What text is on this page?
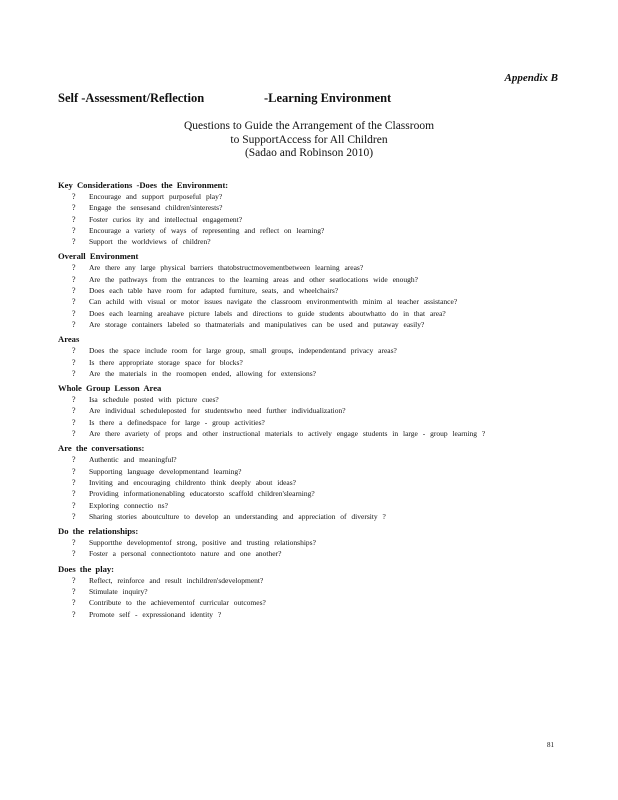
Appendix B
Self -Assessment/Reflection	-Learning Environment
Questions to Guide the Arrangement of the Classroom
to SupportAccess for All Children
(Sadao and Robinson 2010)
Key Considerations -Does the Environment:
? Encourage and support purposeful play?
? Engage the sensesand children'sinterests?
? Foster curios ity and intellectual engagement?
? Encourage a variety of ways of representing and reflect on learning?
? Support the worldviews of children?
Overall Environment
? Are there any large physical barriers thatobstructmovementbetween learning areas?
? Are the pathways from the entrances to the learning areas and other seatlocations wide enough?
? Does each table have room for adapted furniture, seats, and wheelchairs?
? Can achild with visual or motor issues navigate the classroom environmentwith minim al teacher assistance?
? Does each learning areahave picture labels and directions to guide students aboutwhatto do in that area?
? Are storage containers labeled so thatmaterials and manipulatives can be used and putaway easily?
Areas
? Does the space include room for large group, small groups, independentand privacy areas?
? Is there appropriate storage space for blocks?
? Are the materials in the roomopen ended, allowing for extensions?
Whole Group Lesson Area
? Isa schedule posted with picture cues?
? Are individual scheduleposted for studentswho need further individualization?
? Is there a definedspace for large - group activities?
? Are there avariety of props and other instructional materials to actively engage students in large - group learning ?
Are the conversations:
? Authentic and meaningful?
? Supporting language developmentand learning?
? Inviting and encouraging childrento think deeply about ideas?
? Providing informationenabling educatorsto scaffold children'slearning?
? Exploring connectio ns?
? Sharing stories aboutculture to develop an understanding and appreciation of diversity ?
Do the relationships:
? Supportthe developmentof strong, positive and trusting relationships?
? Foster a personal connectiontoto nature and one another?
Does the play:
? Reflect, reinforce and result inchildren'sdevelopment?
? Stimulate inquiry?
? Contribute to the achievementof curricular outcomes?
? Promote self - expressionand identity ?
81
